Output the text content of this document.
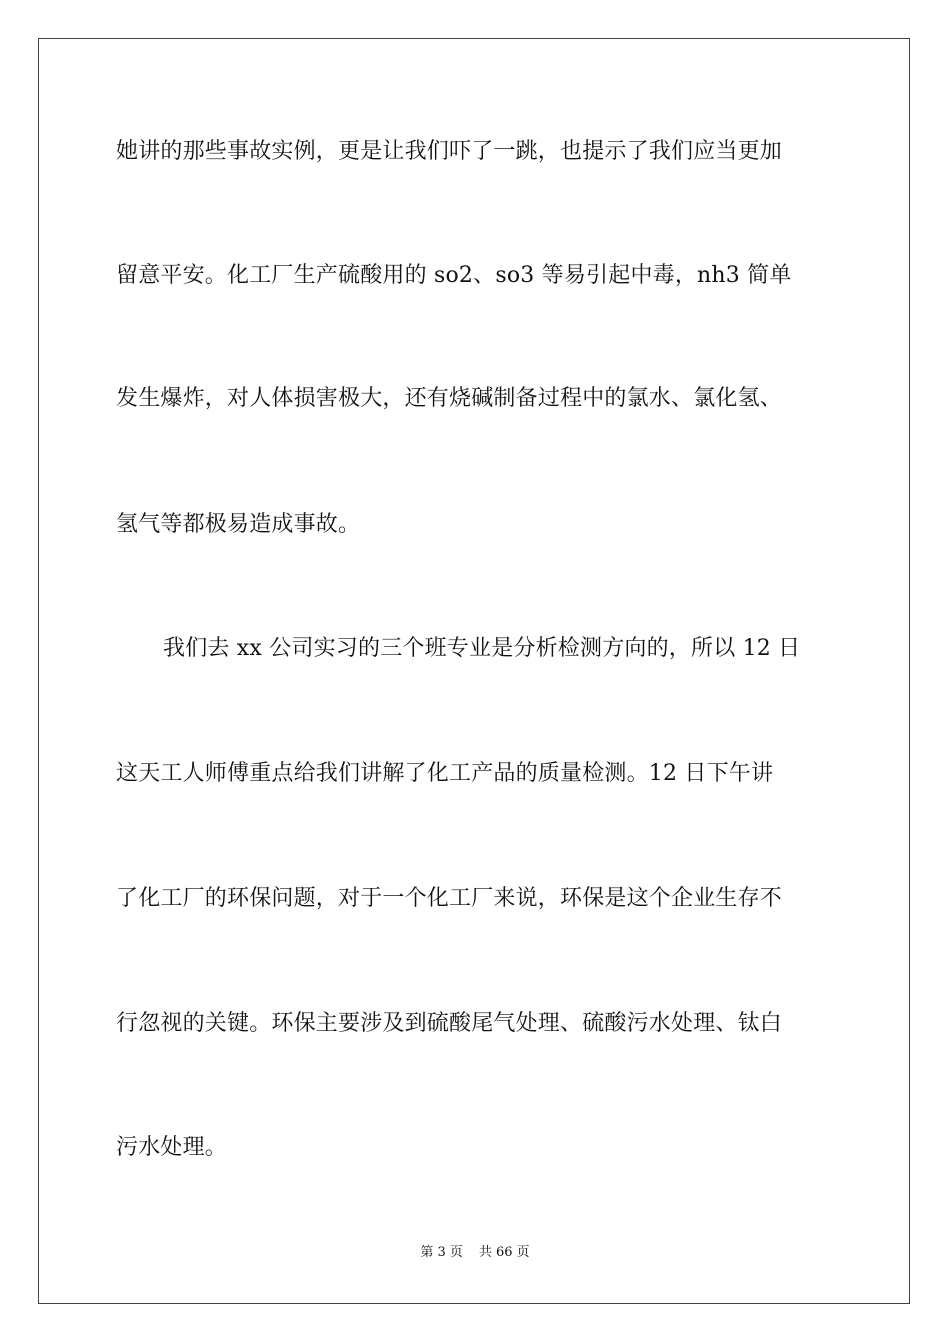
她讲的那些事故实例，更是让我们吓了一跳，也提示了我们应当更加
留意平安。化工厂生产硫酸用的 so2、so3 等易引起中毒，nh3 简单
发生爆炸，对人体损害极大，还有烧碱制备过程中的氯水、氯化氢、
氢气等都极易造成事故。
我们去 xx 公司实习的三个班专业是分析检测方向的，所以 12 日
这天工人师傅重点给我们讲解了化工产品的质量检测。12 日下午讲
了化工厂的环保问题，对于一个化工厂来说，环保是这个企业生存不
行忽视的关键。环保主要涉及到硫酸尾气处理、硫酸污水处理、钛白
污水处理。
第 3 页 共 66 页
